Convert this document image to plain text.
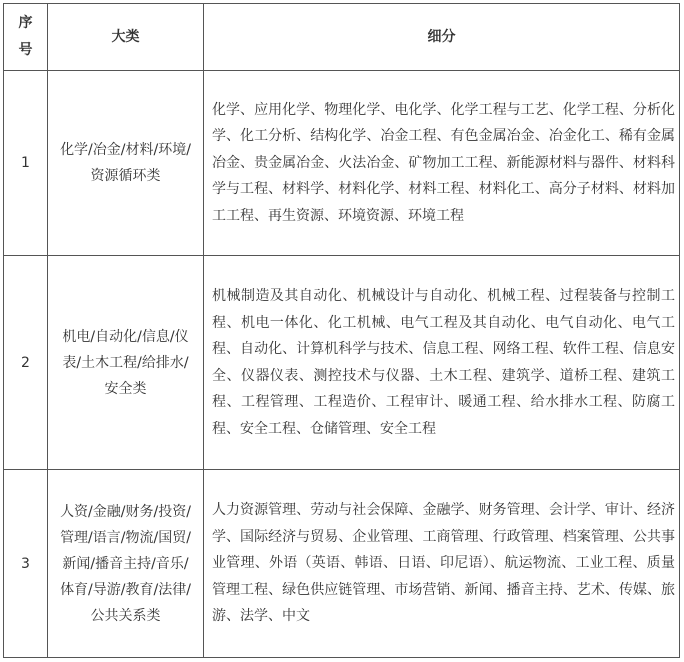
序号	大类	细分
1	化学/冶金/材料/环境/资源循环类	化学、应用化学、物理化学、电化学、化学工程与工艺、化学工程、分析化学、化工分析、结构化学、冶金工程、有色金属冶金、冶金化工、稀有金属冶金、贵金属冶金、火法冶金、矿物加工工程、新能源材料与器件、材料科学与工程、材料学、材料化学、材料工程、材料化工、高分子材料、材料加工工程、再生资源、环境资源、环境工程
2	机电/自动化/信息/仪表/土木工程/给排水/安全类	机械制造及其自动化、机械设计与自动化、机械工程、过程装备与控制工程、机电一体化、化工机械、电气工程及其自动化、电气自动化、电气工程、自动化、计算机科学与技术、信息工程、网络工程、软件工程、信息安全、仪器仪表、测控技术与仪器、土木工程、建筑学、道桥工程、建筑工程、工程管理、工程造价、工程审计、暖通工程、给水排水工程、防腐工程、安全工程、仓储管理、安全工程
3	人资/金融/财务/投资/管理/语言/物流/国贸/新闻/播音主持/音乐/体育/导游/教育/法律/公共关系类	人力资源管理、劳动与社会保障、金融学、财务管理、会计学、审计、经济学、国际经济与贸易、企业管理、工商管理、行政管理、档案管理、公共事业管理、外语（英语、韩语、日语、印尼语）、航运物流、工业工程、质量管理工程、绿色供应链管理、市场营销、新闻、播音主持、艺术、传媒、旅游、法学、中文
